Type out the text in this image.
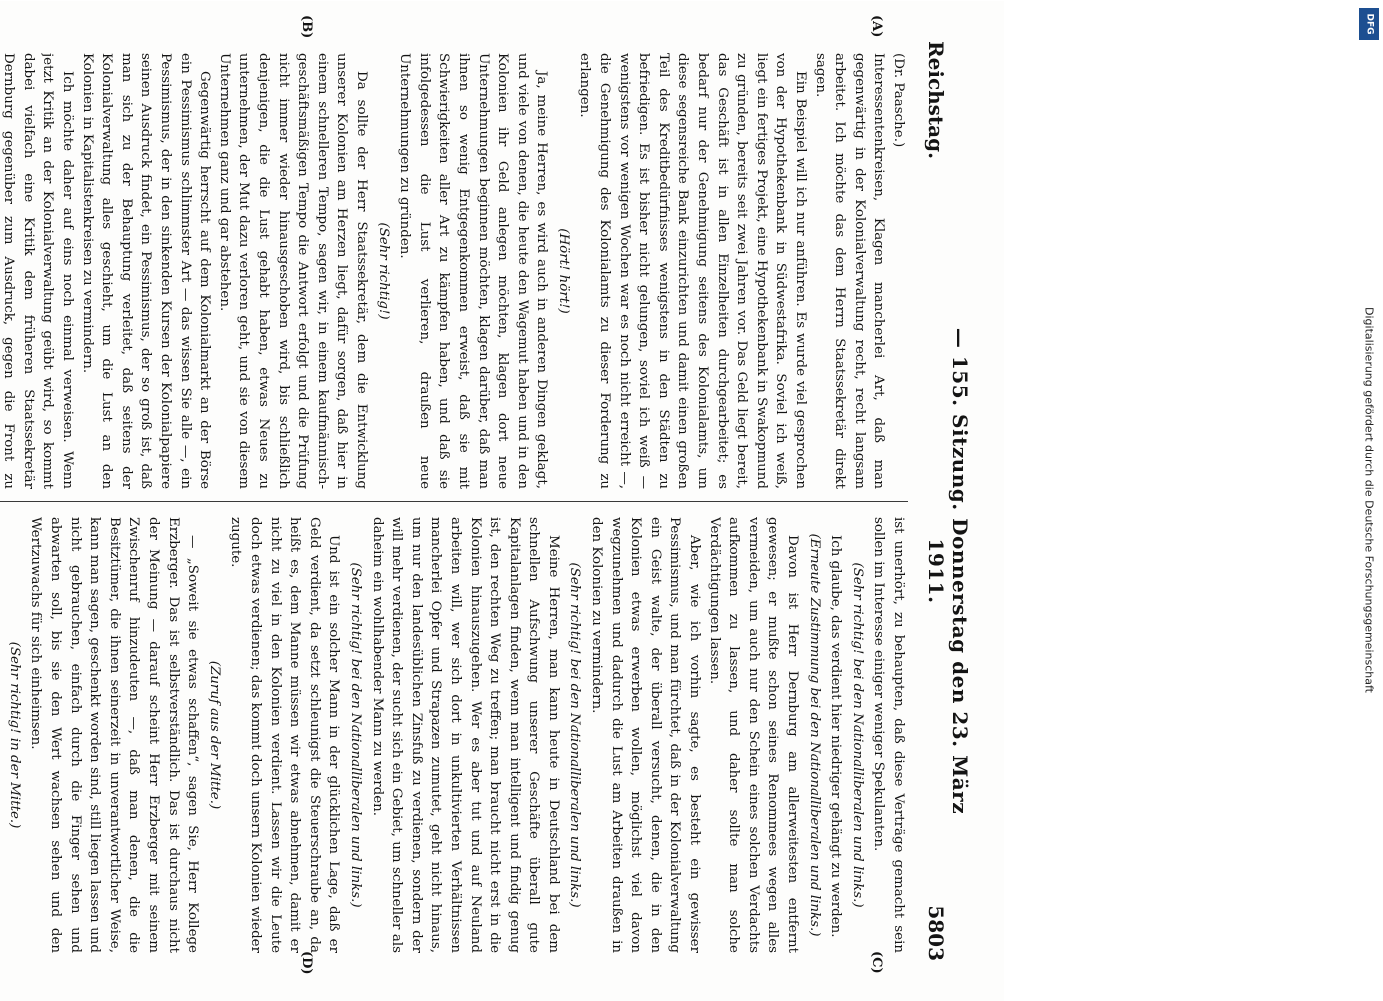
Reichstag.
— 155. Sitzung. Donnerstag den 23. März 1911.
5803
(A)
(B)
(C)
(D)

(Dr. Paasche.)

Interessentenkreisen, Klagen mancherlei Art, daß man gegenwärtig in der Kolonialverwaltung recht, recht langsam arbeitet. Ich möchte das dem Herrn Staatssekretär direkt sagen.

Ein Beispiel will ich nur anführen. Es wurde viel gesprochen von der Hypothekenbank in Südwestafrika. Soviel ich weiß, liegt ein fertiges Projekt, eine Hypothekenbank in Swakopmund zu gründen, bereits seit zwei Jahren vor. Das Geld liegt bereit, das Geschäft ist in allen Einzelheiten durchgearbeitet; es bedarf nur der Genehmigung seitens des Kolonialamts, um diese segensreiche Bank einzurichten und damit einen großen Teil des Kreditbedürfnisses wenigstens in den Städten zu befriedigen. Es ist bisher nicht gelungen, soviel ich weiß — wenigstens vor wenigen Wochen war es noch nicht erreicht —, die Genehmigung des Kolonialamts zu dieser Forderung zu erlangen.

(Hört! hört!)

Ja, meine Herren, es wird auch in anderen Dingen geklagt, und viele von denen, die heute den Wagemut haben und in den Kolonien ihr Geld anlegen möchten, klagen dort neue Unternehmungen beginnen möchten, klagen darüber, daß man ihnen so wenig Entgegenkommen erweist, daß sie mit Schwierigkeiten aller Art zu kämpfen haben, und daß sie infolgedessen die Lust verlieren, draußen neue Unternehmungen zu gründen.

(Sehr richtig!)

Da sollte der Herr Staatssekretär, dem die Entwicklung unserer Kolonien am Herzen liegt, dafür sorgen, daß hier in einem schnelleren Tempo, sagen wir, in einem kaufmännisch-geschäftsmäßigen Tempo die Antwort erfolgt und die Prüfung nicht immer wieder hinausgeschoben wird, bis schließlich denjenigen, die die Lust gehabt haben, etwas Neues zu unternehmen, der Mut dazu verloren geht, und sie von diesem Unternehmen ganz und gar abstehen.

Gegenwärtig herrscht auf dem Kolonialmarkt an der Börse ein Pessimismus schlimmster Art — das wissen Sie alle —, ein Pessimismus, der in den sinkenden Kursen der Kolonialpapiere seinen Ausdruck findet, ein Pessimismus, der so groß ist, daß man sich zu der Behauptung verleitet, daß seitens der Kolonialverwaltung alles geschieht, um die Lust an den Kolonien in Kapitalistenkreisen zu vermindern.

Ich möchte daher auf eins noch einmal verweisen. Wenn jetzt Kritik an der Kolonialverwaltung geübt wird, so kommt dabei vielfach eine Kritik dem früheren Staatssekretär Dernburg gegenüber zum Ausdruck, gegen die Front zu

ist unerhört, zu behaupten, daß diese Verträge gemacht sein sollen im Interesse einiger weniger Spekulanten.

(Sehr richtig! bei den Nationalliberalen und links.)

Ich glaube, das verdient hier niedriger gehängt zu werden.

(Erneute Zustimmung bei den Nationalliberalen und links.)

Davon ist Herr Dernburg am allerweitesten entfernt gewesen; er mußte schon seines Renommees wegen alles vermeiden, um auch nur den Schein eines solchen Verdachts aufkommen zu lassen, und daher sollte man solche Verdächtigungen lassen.

Aber, wie ich vorhin sagte, es besteht ein gewisser Pessimismus, und man fürchtet, daß in der Kolonialverwaltung ein Geist walte, der überall versucht, denen, die in den Kolonien etwas erwerben wollen, möglichst viel davon wegzunehmen und dadurch die Lust am Arbeiten draußen in den Kolonien zu vermindern.

(Sehr richtig! bei den Nationalliberalen und links.)

Meine Herren, man kann heute in Deutschland bei dem schnellen Aufschwung unserer Geschäfte überall gute Kapitalanlagen finden, wenn man intelligent und findig genug ist, den rechten Weg zu treffen; man braucht nicht erst in die Kolonien hinauszugehen. Wer es aber tut und auf Neuland arbeiten will, wer sich dort in unkultivierten Verhältnissen mancherlei Opfer und Strapazen zumutet, geht nicht hinaus, um nur den landesüblichen Zinsfuß zu verdienen, sondern der will mehr verdienen, der sucht sich ein Gebiet, um schneller als daheim ein wohlhabender Mann zu werden.

(Sehr richtig! bei den Nationalliberalen und links.)

Und ist ein solcher Mann in der glücklichen Lage, daß er Geld verdient, da setzt schleunigst die Steuerschraube an, da heißt es, dem Manne müssen wir etwas abnehmen, damit er nicht zu viel in den Kolonien verdient. Lassen wir die Leute doch etwas verdienen; das kommt doch unsern Kolonien wieder zugute.

(Zuruf aus der Mitte.)

— „Soweit sie etwas schaffen“, sagen Sie, Herr Kollege Erzberger. Das ist selbstverständlich. Das ist durchaus nicht der Meinung — darauf scheint Herr Erzberger mit seinem Zwischenruf hinzudeuten —, daß man denen, die die Besitztümer, die ihnen seinerzeit in unverantwortlicher Weise, kann man sagen, geschenkt worden sind, still liegen lassen und nicht gebrauchen, einfach durch die Finger sehen und abwarten soll, bis sie den Wert wachsen sehen und den Wertzuwachs für sich einheimsen.

(Sehr richtig! in der Mitte.)

DFG
Digitalisierung gefördert durch die Deutsche Forschungsgemeinschaft
